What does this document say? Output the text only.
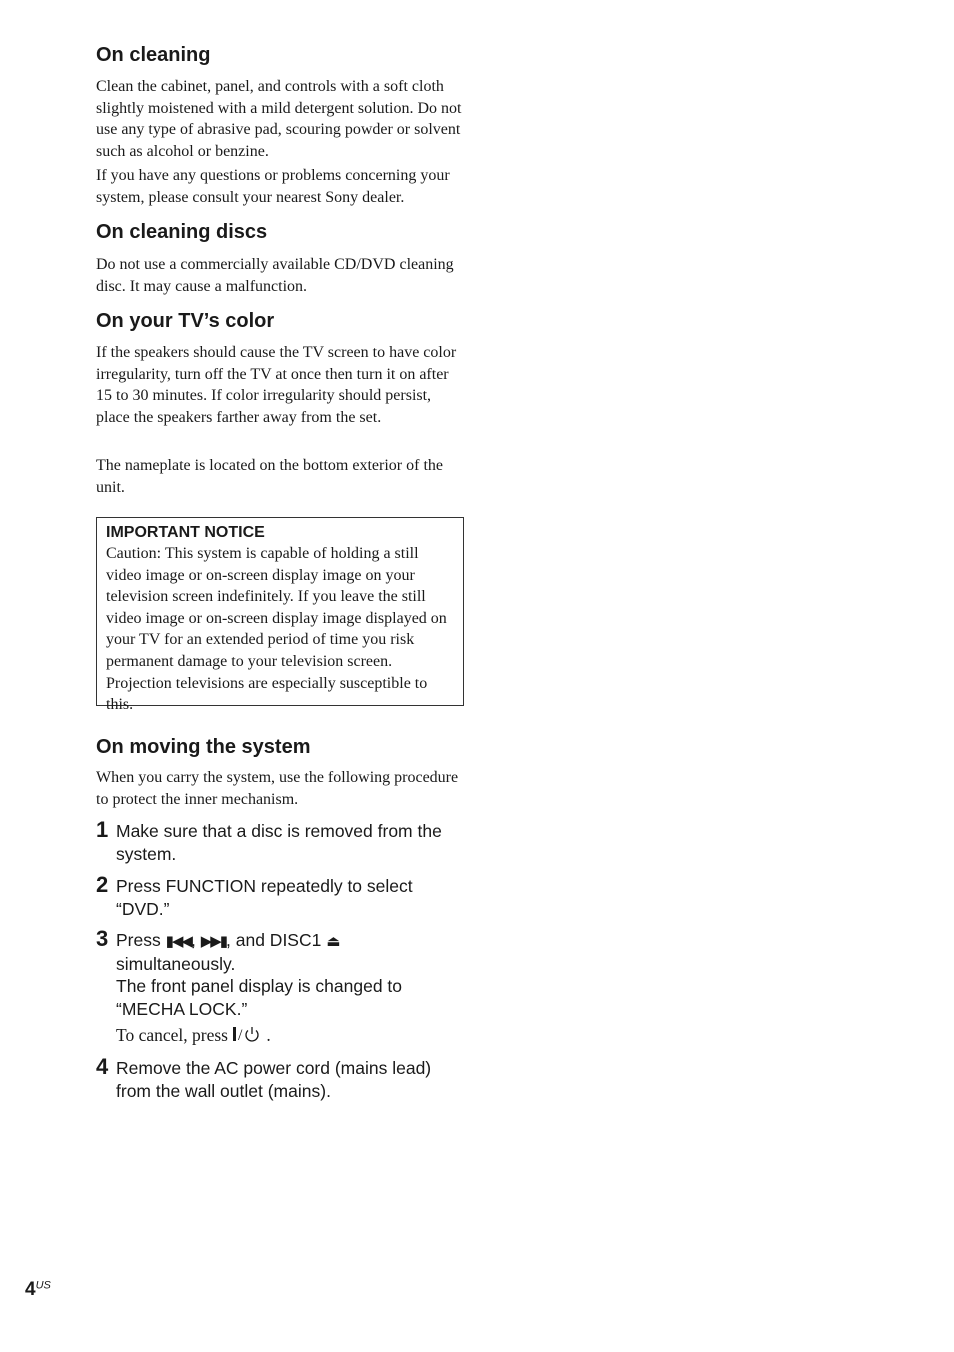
On cleaning

Clean the cabinet, panel, and controls with a soft cloth slightly moistened with a mild detergent solution. Do not use any type of abrasive pad, scouring powder or solvent such as alcohol or benzine.

If you have any questions or problems concerning your system, please consult your nearest Sony dealer.

On cleaning discs

Do not use a commercially available CD/DVD cleaning disc. It may cause a malfunction.

On your TV’s color

If the speakers should cause the TV screen to have color irregularity, turn off the TV at once then turn it on after 15 to 30 minutes. If color irregularity should persist, place the speakers farther away from the set.

The nameplate is located on the bottom exterior of the unit.

IMPORTANT NOTICE

Caution: This system is capable of holding a still video image or on-screen display image on your television screen indefinitely. If you leave the still video image or on-screen display image displayed on your TV for an extended period of time you risk permanent damage to your television screen. Projection televisions are especially susceptible to this.

On moving the system

When you carry the system, use the following procedure to protect the inner mechanism.

1 Make sure that a disc is removed from the system.

2 Press FUNCTION repeatedly to select “DVD.”

3 Press ▮◀◀, ▶▶▮, and DISC1 ⏏
simultaneously.
The front panel display is changed to “MECHA LOCK.”

To cancel, press / .

4 Remove the AC power cord (mains lead) from the wall outlet (mains).

$4^{US}$
